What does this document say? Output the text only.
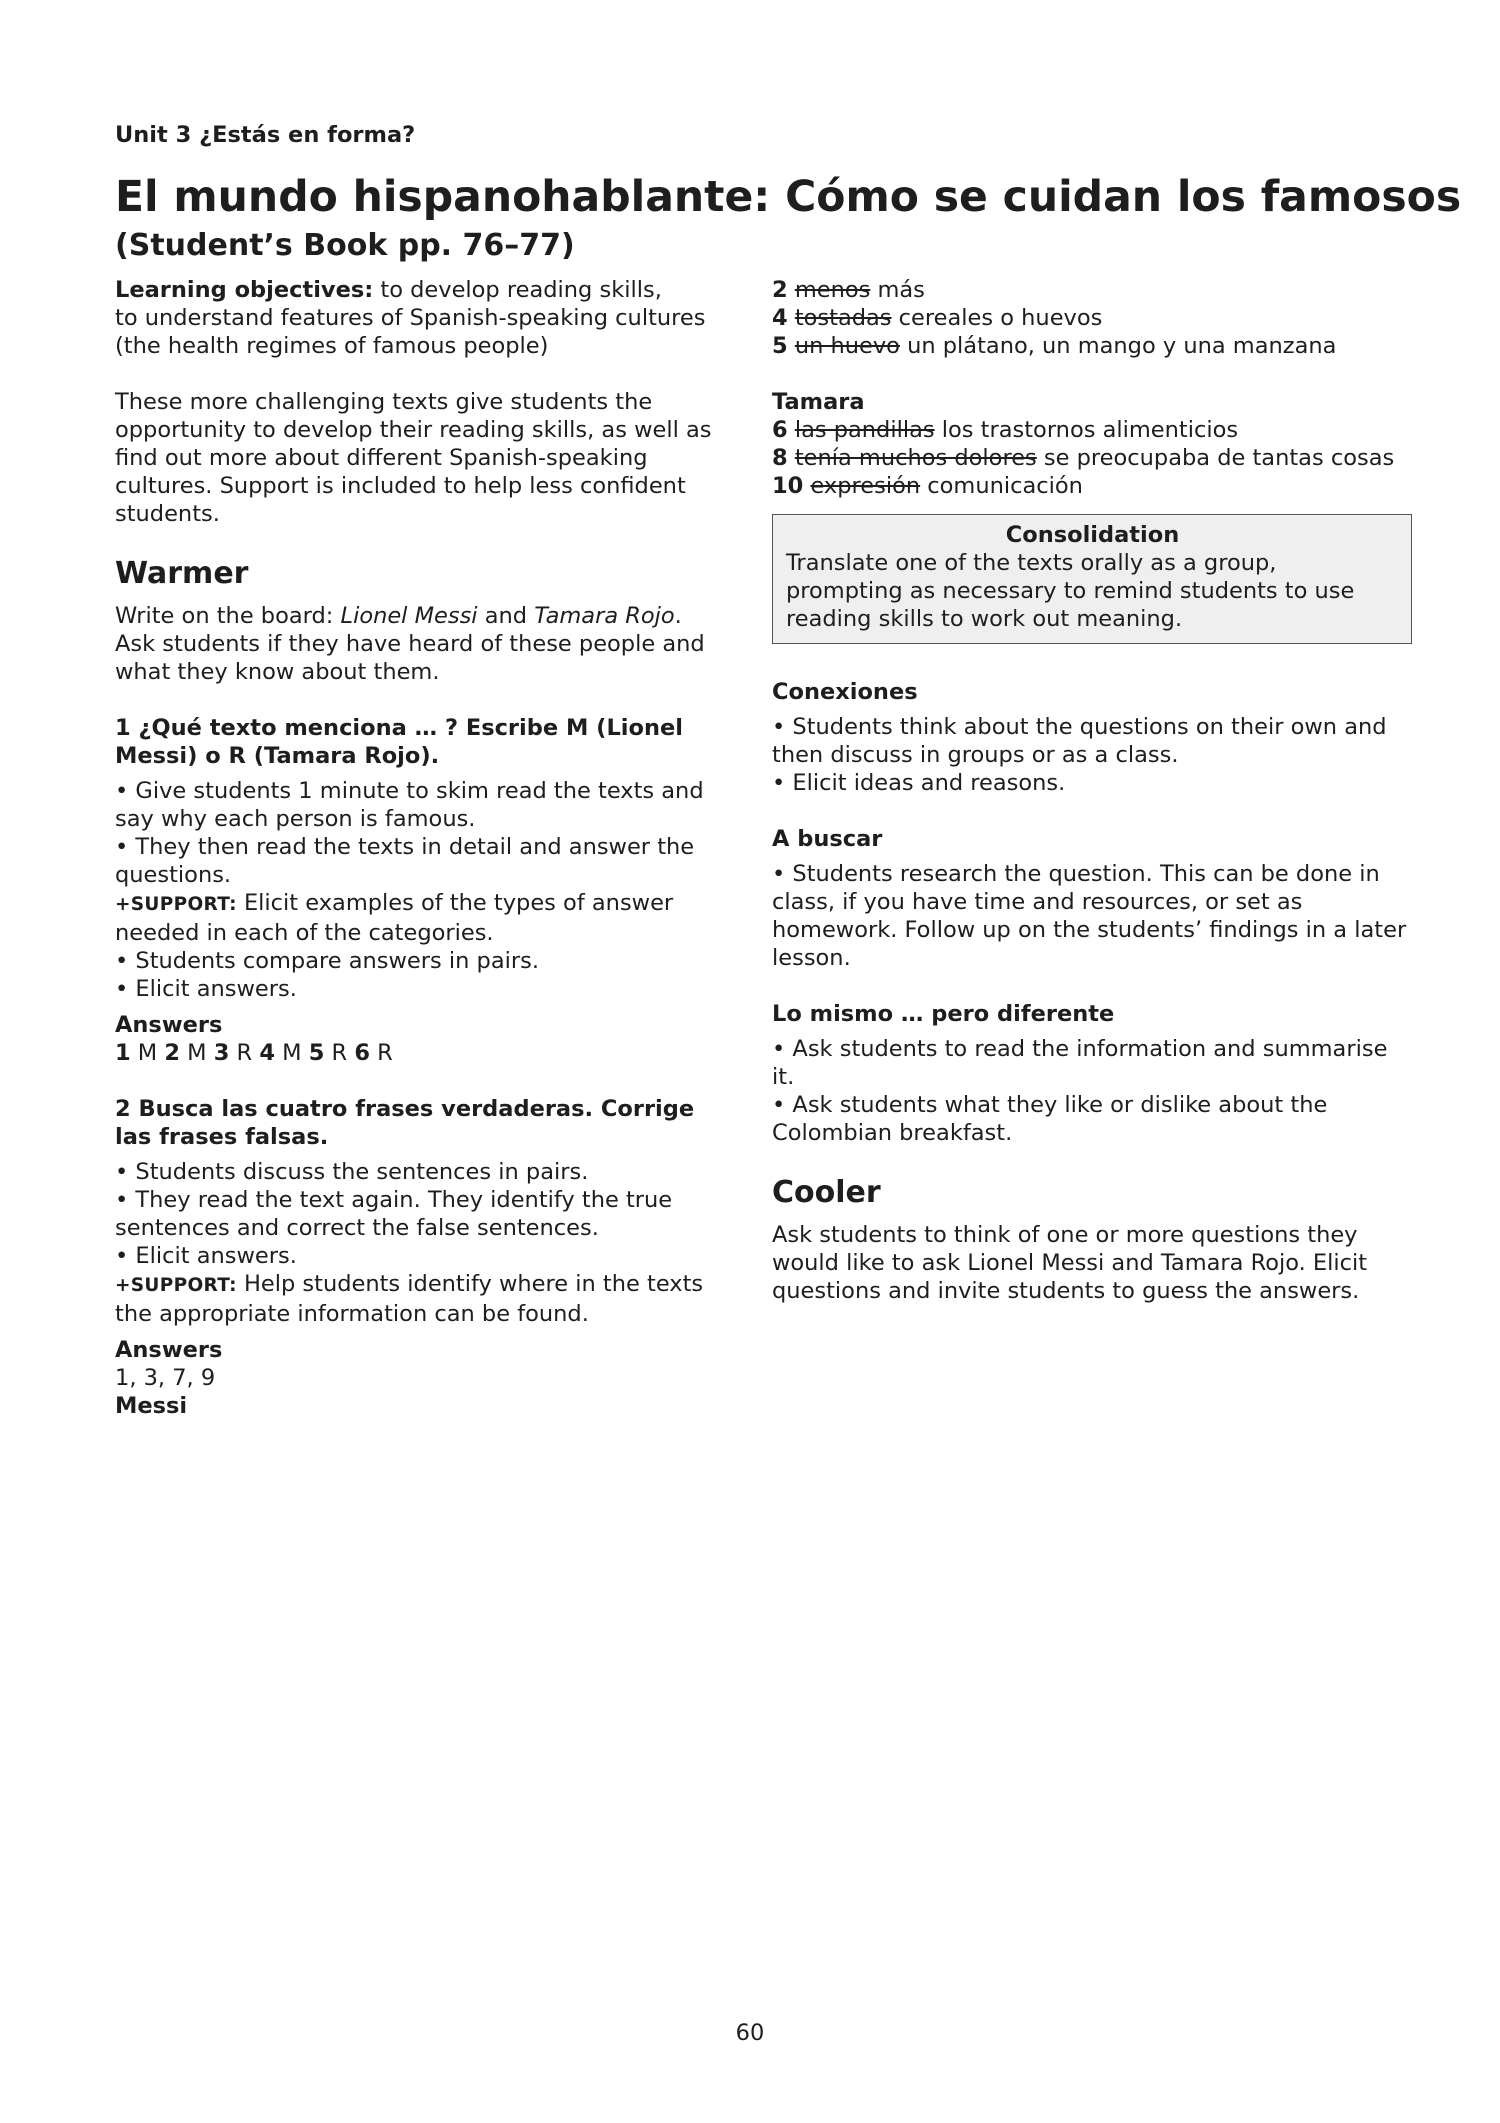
Unit 3 ¿Estás en forma?
El mundo hispanohablante: Cómo se cuidan los famosos
(Student’s Book pp. 76–77)

Learning objectives: to develop reading skills,
to understand features of Spanish-speaking cultures
(the health regimes of famous people)

These more challenging texts give students the opportunity to develop their reading skills, as well as find out more about different Spanish-speaking cultures. Support is included to help less confident students.

Warmer

Write on the board: Lionel Messi and Tamara Rojo.

Ask students if they have heard of these people and what they know about them.

1 ¿Qué texto menciona … ? Escribe M (Lionel Messi) o R (Tamara Rojo).

• Give students 1 minute to skim read the texts and say why each person is famous.

• They then read the texts in detail and answer the questions.

+SUPPORT: Elicit examples of the types of answer needed in each of the categories.

• Students compare answers in pairs.

• Elicit answers.

Answers

1 M 2 M 3 R 4 M 5 R 6 R

2 Busca las cuatro frases verdaderas. Corrige las frases falsas.

• Students discuss the sentences in pairs.

• They read the text again. They identify the true sentences and correct the false sentences.

• Elicit answers.

+SUPPORT: Help students identify where in the texts the appropriate information can be found.

Answers

1, 3, 7, 9

Messi

2 menos más

4 tostadas cereales o huevos

5 un huevo un plátano, un mango y una manzana

Tamara

6 las pandillas los trastornos alimenticios

8 tenía muchos dolores se preocupaba de tantas cosas

10 expresión comunicación

Consolidation

Translate one of the texts orally as a group, prompting as necessary to remind students to use reading skills to work out meaning.

Conexiones

• Students think about the questions on their own and then discuss in groups or as a class.

• Elicit ideas and reasons.

A buscar

• Students research the question. This can be done in class, if you have time and resources, or set as homework. Follow up on the students’ findings in a later lesson.

Lo mismo … pero diferente

• Ask students to read the information and summarise it.

• Ask students what they like or dislike about the Colombian breakfast.

Cooler

Ask students to think of one or more questions they would like to ask Lionel Messi and Tamara Rojo. Elicit questions and invite students to guess the answers.

60
